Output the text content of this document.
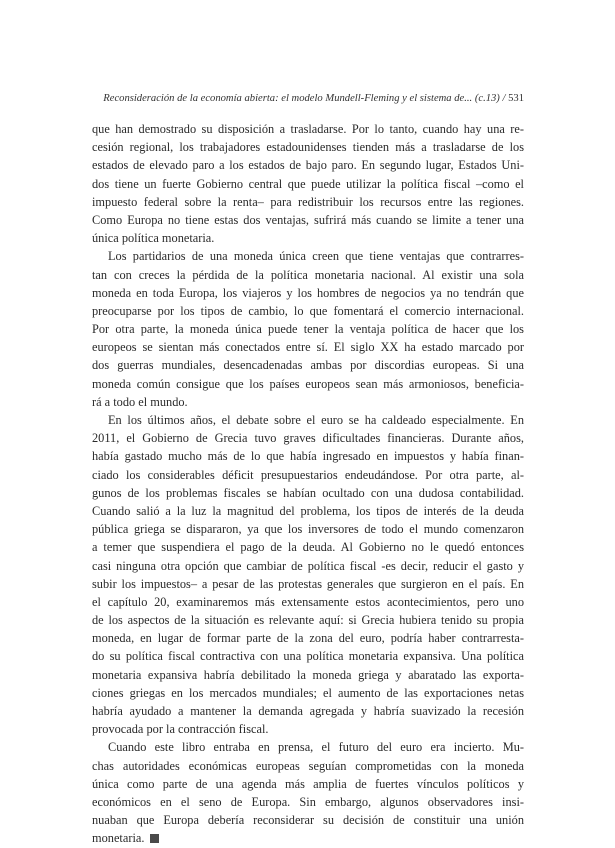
Reconsideración de la economía abierta: el modelo Mundell-Fleming y el sistema de... (c.13) / 531
que han demostrado su disposición a trasladarse. Por lo tanto, cuando hay una re-
cesión regional, los trabajadores estadounidenses tienden más a trasladarse de los
estados de elevado paro a los estados de bajo paro. En segundo lugar, Estados Uni-
dos tiene un fuerte Gobierno central que puede utilizar la política fiscal –como el
impuesto federal sobre la renta– para redistribuir los recursos entre las regiones.
Como Europa no tiene estas dos ventajas, sufrirá más cuando se limite a tener una
única política monetaria.
Los partidarios de una moneda única creen que tiene ventajas que contrarres-
tan con creces la pérdida de la política monetaria nacional. Al existir una sola
moneda en toda Europa, los viajeros y los hombres de negocios ya no tendrán que
preocuparse por los tipos de cambio, lo que fomentará el comercio internacional.
Por otra parte, la moneda única puede tener la ventaja política de hacer que los
europeos se sientan más conectados entre sí. El siglo XX ha estado marcado por
dos guerras mundiales, desencadenadas ambas por discordias europeas. Si una
moneda común consigue que los países europeos sean más armoniosos, beneficia-
rá a todo el mundo.
En los últimos años, el debate sobre el euro se ha caldeado especialmente. En
2011, el Gobierno de Grecia tuvo graves dificultades financieras. Durante años,
había gastado mucho más de lo que había ingresado en impuestos y había finan-
ciado los considerables déficit presupuestarios endeudándose. Por otra parte, al-
gunos de los problemas fiscales se habían ocultado con una dudosa contabilidad.
Cuando salió a la luz la magnitud del problema, los tipos de interés de la deuda
pública griega se dispararon, ya que los inversores de todo el mundo comenzaron
a temer que suspendiera el pago de la deuda. Al Gobierno no le quedó entonces
casi ninguna otra opción que cambiar de política fiscal -es decir, reducir el gasto y
subir los impuestos– a pesar de las protestas generales que surgieron en el país. En
el capítulo 20, examinaremos más extensamente estos acontecimientos, pero uno
de los aspectos de la situación es relevante aquí: si Grecia hubiera tenido su propia
moneda, en lugar de formar parte de la zona del euro, podría haber contrarresta-
do su política fiscal contractiva con una política monetaria expansiva. Una política
monetaria expansiva habría debilitado la moneda griega y abaratado las exporta-
ciones griegas en los mercados mundiales; el aumento de las exportaciones netas
habría ayudado a mantener la demanda agregada y habría suavizado la recesión
provocada por la contracción fiscal.
Cuando este libro entraba en prensa, el futuro del euro era incierto. Mu-
chas autoridades económicas europeas seguían comprometidas con la moneda
única como parte de una agenda más amplia de fuertes vínculos políticos y
económicos en el seno de Europa. Sin embargo, algunos observadores insi-
nuaban que Europa debería reconsiderar su decisión de constituir una unión
monetaria.
